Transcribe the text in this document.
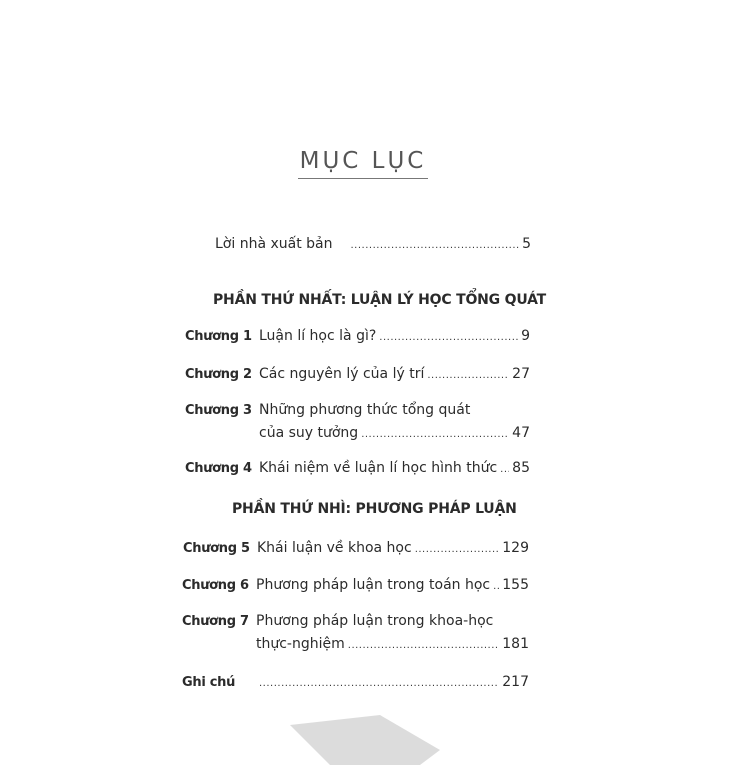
MỤC LỤC
Lời nhà xuất bản .....	5
PHẦN THỨ NHẤT: LUẬN LÝ HỌC TỔNG QUÁT
Chương 1 Luận lí học là gì? .....	9
Chương 2 Các nguyên lý của lý trí .....	27
Chương 3 Những phương thức tổng quát
của suy tưởng .....	47
Chương 4 Khái niệm về luận lí học hình thức ..... 85
PHẦN THỨ NHÌ: PHƯƠNG PHÁP LUẬN
Chương 5 Khái luận về khoa học .....	129
Chương 6 Phương pháp luận trong toán học ..... 155
Chương 7 Phương pháp luận trong khoa-học
thực-nghiệm .....	181
Ghi chú .....	217
